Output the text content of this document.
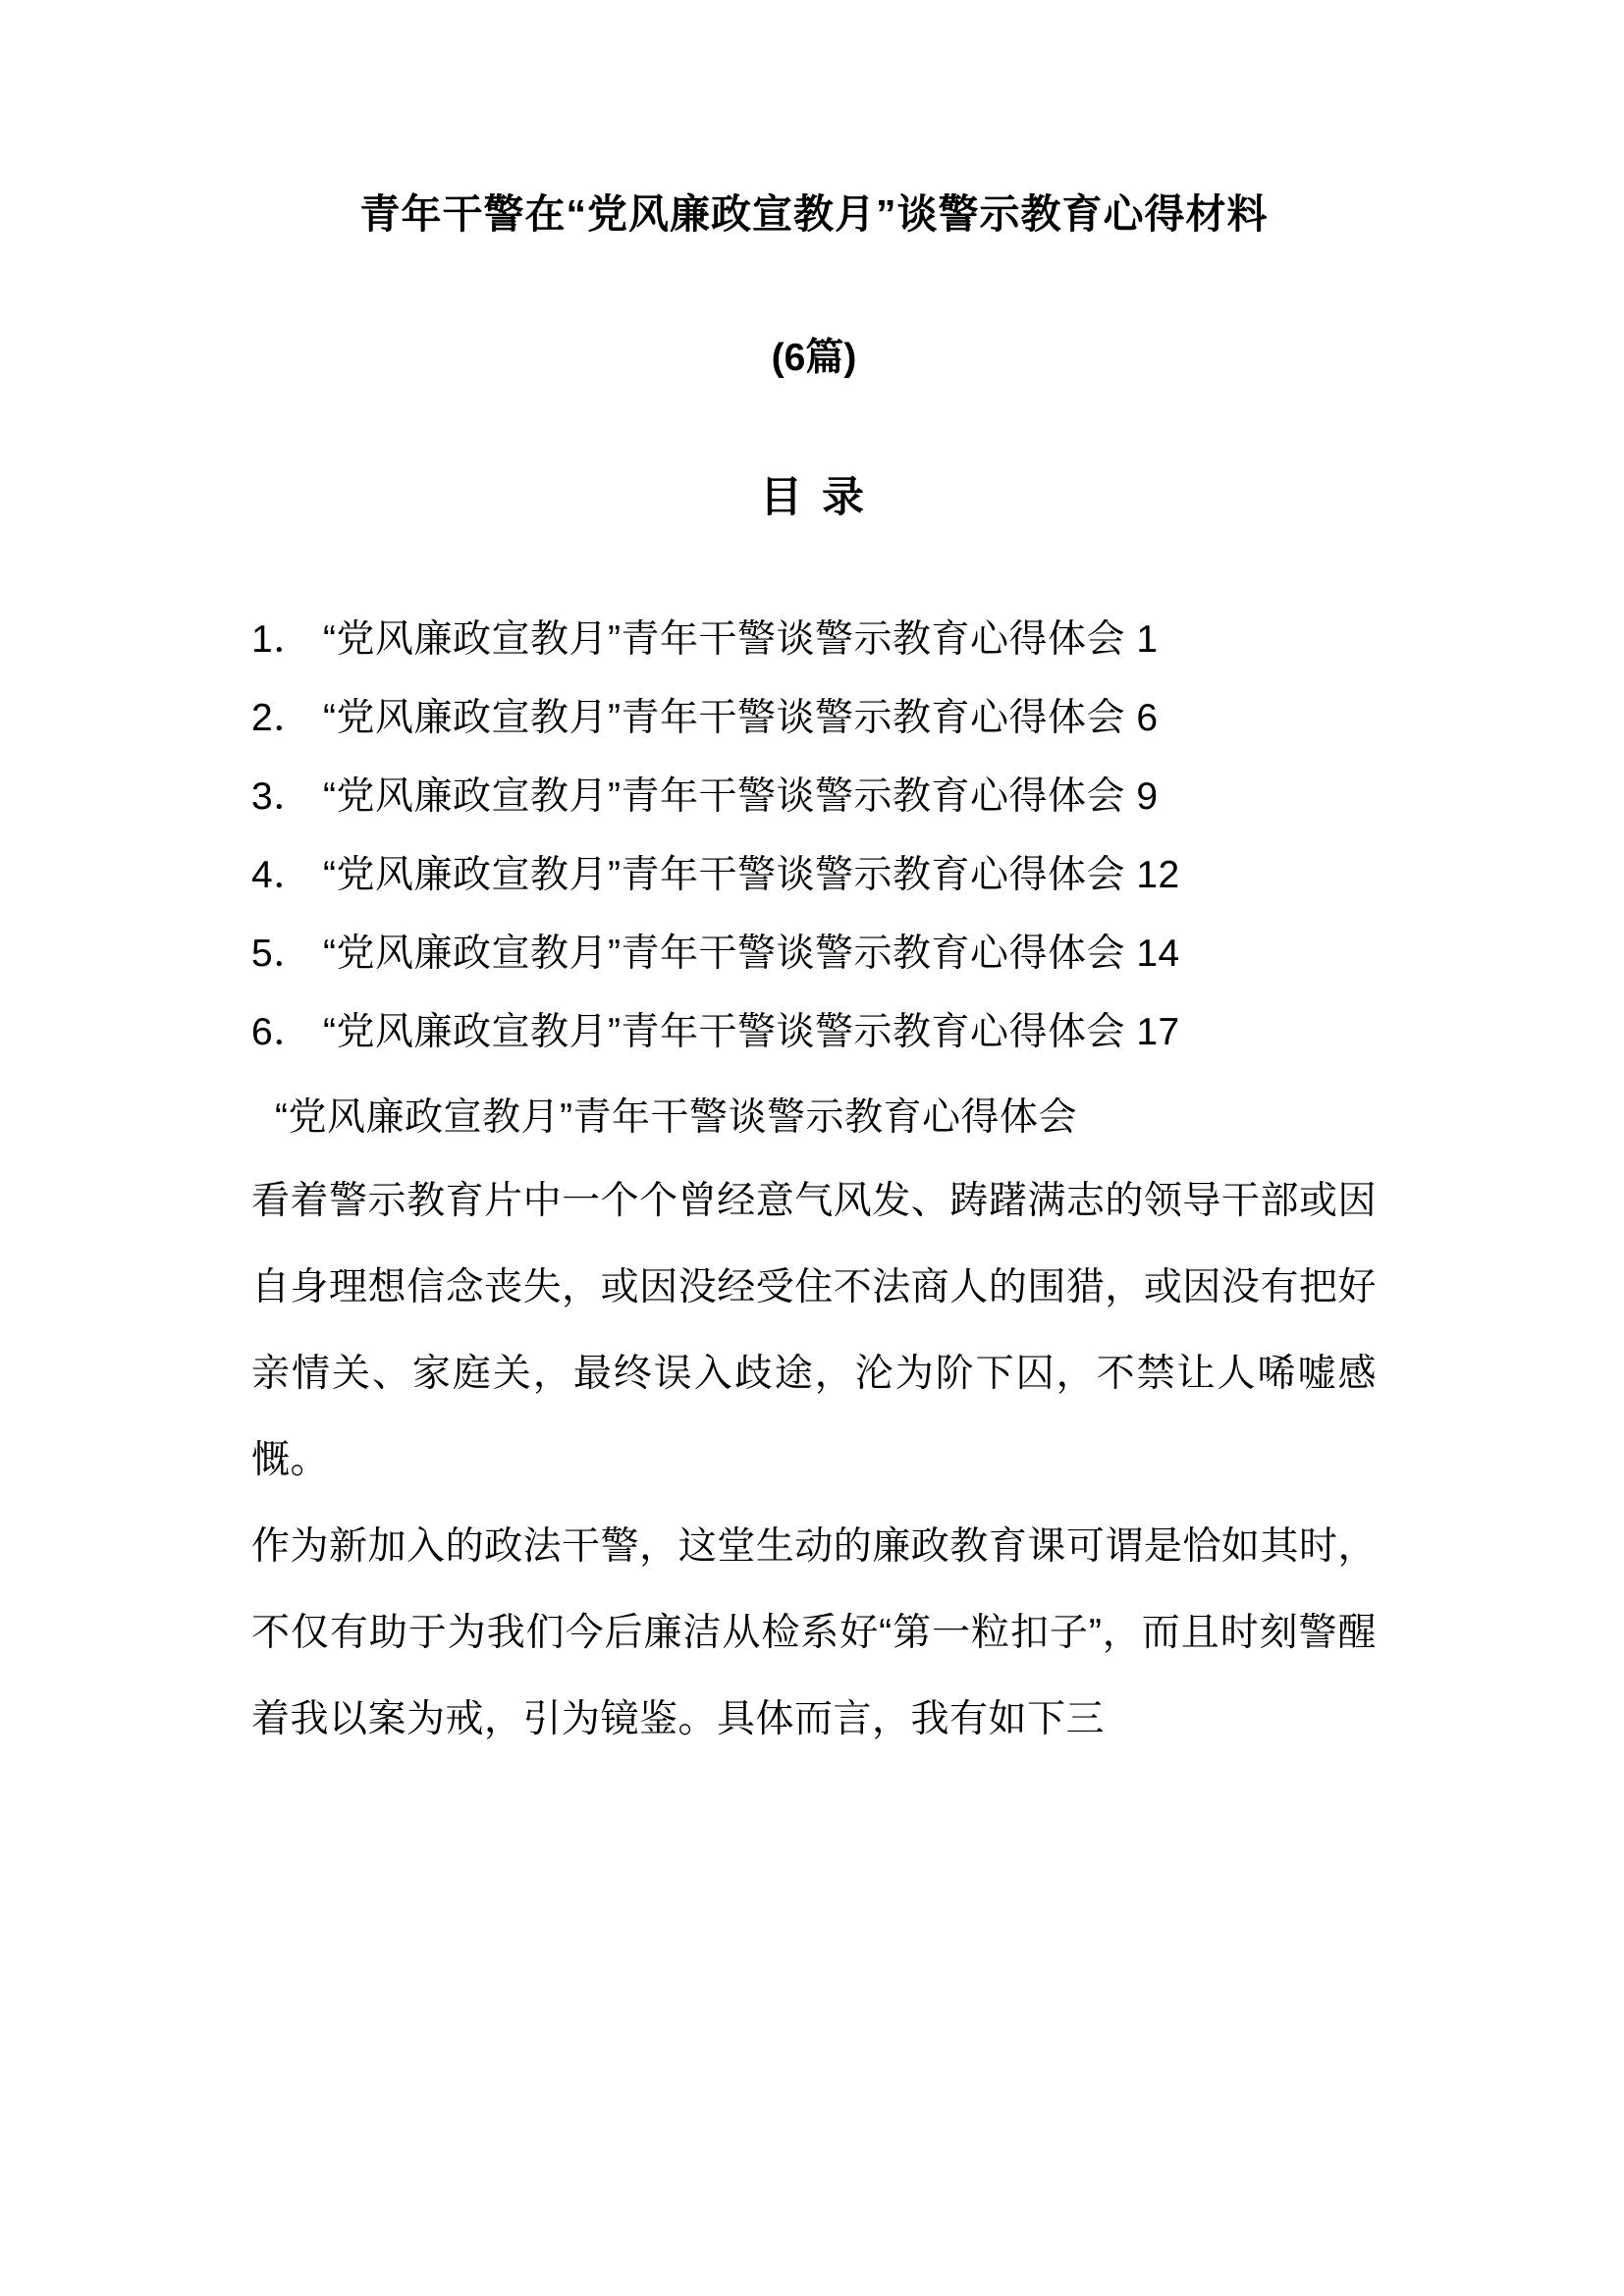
青年干警在“党风廉政宣教月”谈警示教育心得材料
(6篇)
目 录
1． “党风廉政宣教月”青年干警谈警示教育心得体会 1
2． “党风廉政宣教月”青年干警谈警示教育心得体会 6
3． “党风廉政宣教月”青年干警谈警示教育心得体会 9
4． “党风廉政宣教月”青年干警谈警示教育心得体会 12
5． “党风廉政宣教月”青年干警谈警示教育心得体会 14
6． “党风廉政宣教月”青年干警谈警示教育心得体会 17
“党风廉政宣教月”青年干警谈警示教育心得体会

看着警示教育片中一个个曾经意气风发、踌躇满志的领导干部或因自身理想信念丧失，或因没经受住不法商人的围猎，或因没有把好亲情关、家庭关，最终误入歧途，沦为阶下囚，不禁让人唏嘘感慨。

作为新加入的政法干警，这堂生动的廉政教育课可谓是恰如其时，不仅有助于为我们今后廉洁从检系好“第一粒扣子”，而且时刻警醒着我以案为戒，引为镜鉴。具体而言，我有如下三
